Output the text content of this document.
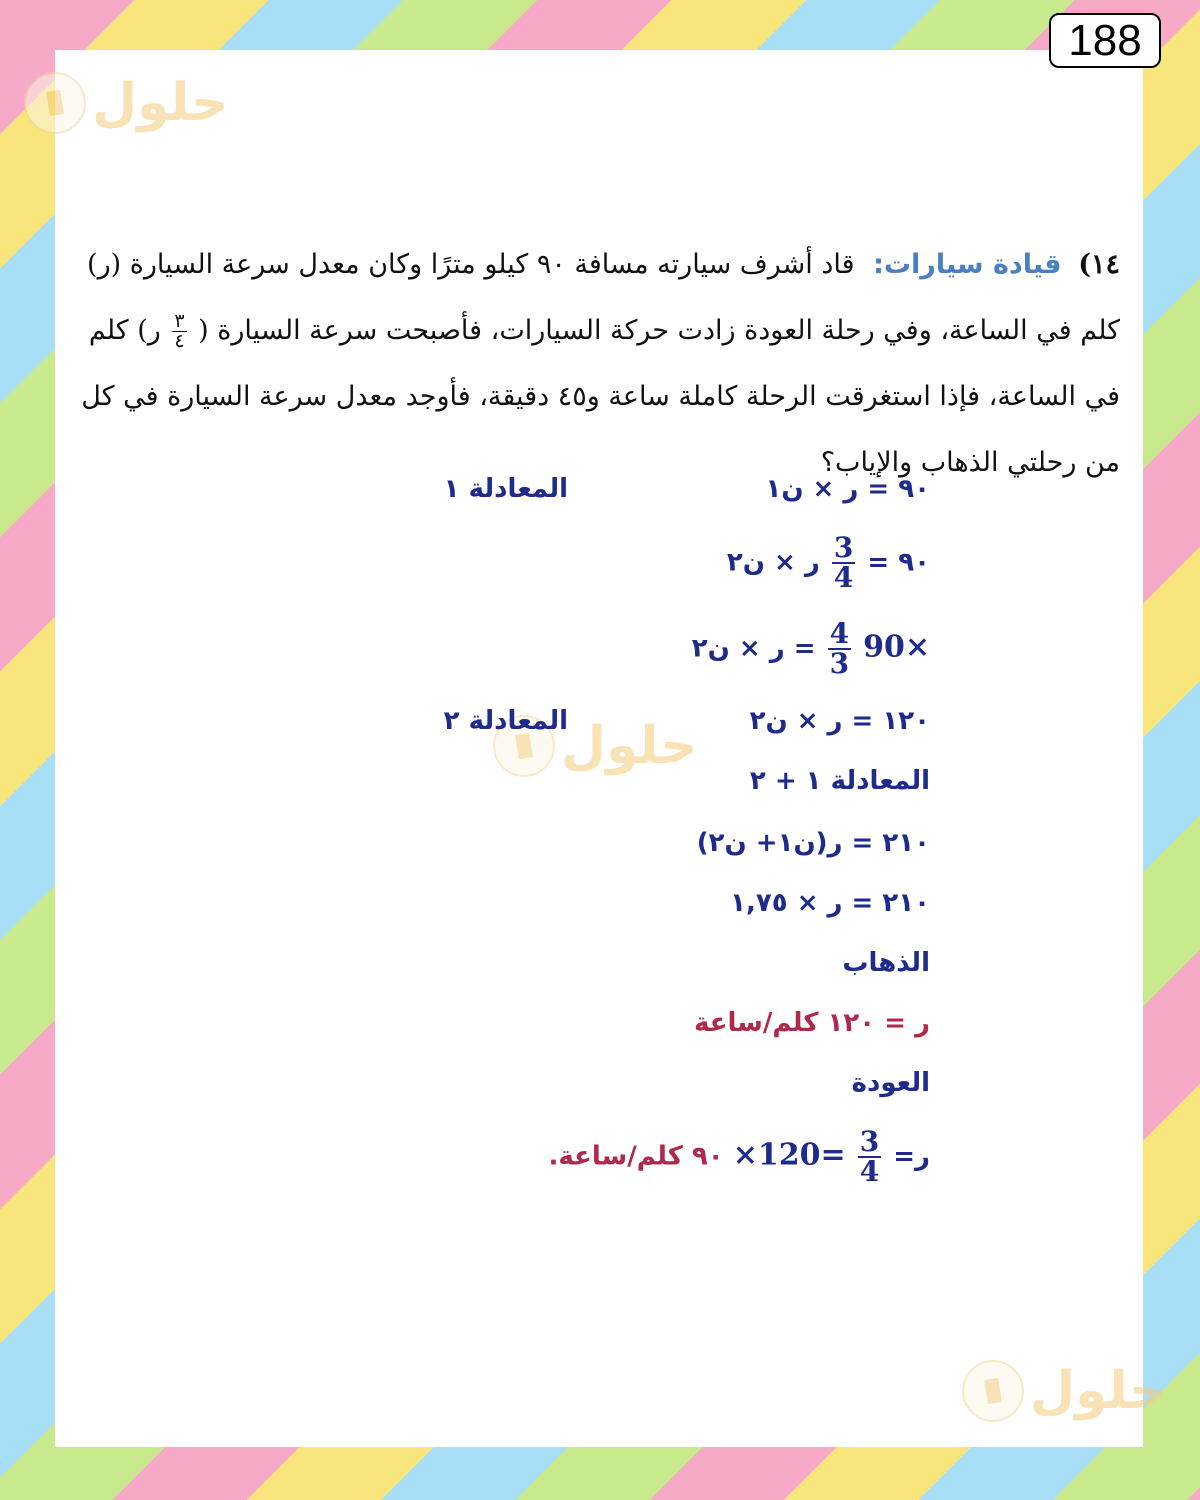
188
حلول
حلول
حلول
١٤) قيادة سيارات: قاد أشرف سيارته مسافة ٩٠ كيلو مترًا وكان معدل سرعة السيارة (ر) كلم في الساعة، وفي رحلة العودة زادت حركة السيارات، فأصبحت سرعة السيارة (
$\frac{٣}{٤}$
ر) كلم في الساعة، فإذا استغرقت الرحلة كاملة ساعة و٤٥ دقيقة، فأوجد معدل سرعة السيارة في كل من رحلتي الذهاب والإياب؟
المعادلة ١	٩٠ = ر × ن١
٩٠ =
$\frac{3}{4}$
ر × ن٢
90×
$\frac{4}{3}$
= ر × ن٢
١٢٠ = ر × ن٢
المعادلة ٢
المعادلة ١ + ٢
٢١٠ = ر(ن١+ ن٢)
٢١٠ = ر × ١,٧٥
الذهاب
ر = ١٢٠ كلم/ساعة
العودة
ر=
$\frac{3}{4}$
×120= ٩٠ كلم/ساعة.
